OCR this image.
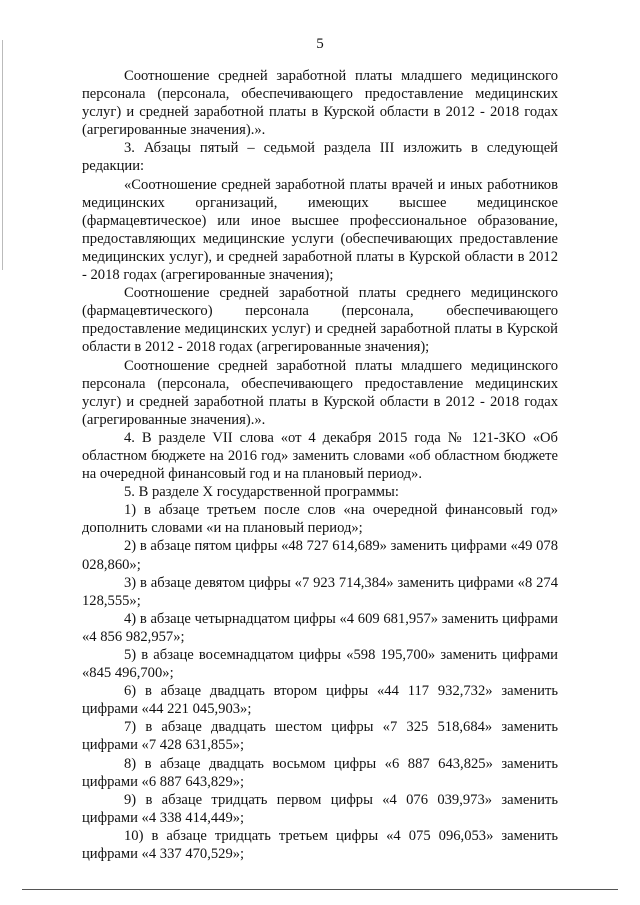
5

Соотношение средней заработной платы младшего медицинского персонала (персонала, обеспечивающего предоставление медицинских услуг) и средней заработной платы в Курской области в 2012 - 2018 годах (агрегированные значения).».

3. Абзацы пятый – седьмой раздела III изложить в следующей редакции:

«Соотношение средней заработной платы врачей и иных работников медицинских организаций, имеющих высшее медицинское (фармацевтическое) или иное высшее профессиональное образование, предоставляющих медицинские услуги (обеспечивающих предоставление медицинских услуг), и средней заработной платы в Курской области в 2012 - 2018 годах (агрегированные значения);

Соотношение средней заработной платы среднего медицинского (фармацевтического) персонала (персонала, обеспечивающего предоставление медицинских услуг) и средней заработной платы в Курской области в 2012 - 2018 годах (агрегированные значения);

Соотношение средней заработной платы младшего медицинского персонала (персонала, обеспечивающего предоставление медицинских услуг) и средней заработной платы в Курской области в 2012 - 2018 годах (агрегированные значения).».

4. В разделе VII слова «от 4 декабря 2015 года № 121-ЗКО «Об областном бюджете на 2016 год» заменить словами «об областном бюджете на очередной финансовый год и на плановый период».

5. В разделе X государственной программы:

1) в абзаце третьем после слов «на очередной финансовый год» дополнить словами «и на плановый период»;

2) в абзаце пятом цифры «48 727 614,689» заменить цифрами «49 078 028,860»;

3) в абзаце девятом цифры «7 923 714,384» заменить цифрами «8 274 128,555»;

4) в абзаце четырнадцатом цифры «4 609 681,957» заменить цифрами «4 856 982,957»;

5) в абзаце восемнадцатом цифры «598 195,700» заменить цифрами «845 496,700»;

6) в абзаце двадцать втором цифры «44 117 932,732» заменить цифрами «44 221 045,903»;

7) в абзаце двадцать шестом цифры «7 325 518,684» заменить цифрами «7 428 631,855»;

8) в абзаце двадцать восьмом цифры «6 887 643,825» заменить цифрами «6 887 643,829»;

9) в абзаце тридцать первом цифры «4 076 039,973» заменить цифрами «4 338 414,449»;

10) в абзаце тридцать третьем цифры «4 075 096,053» заменить цифрами «4 337 470,529»;
